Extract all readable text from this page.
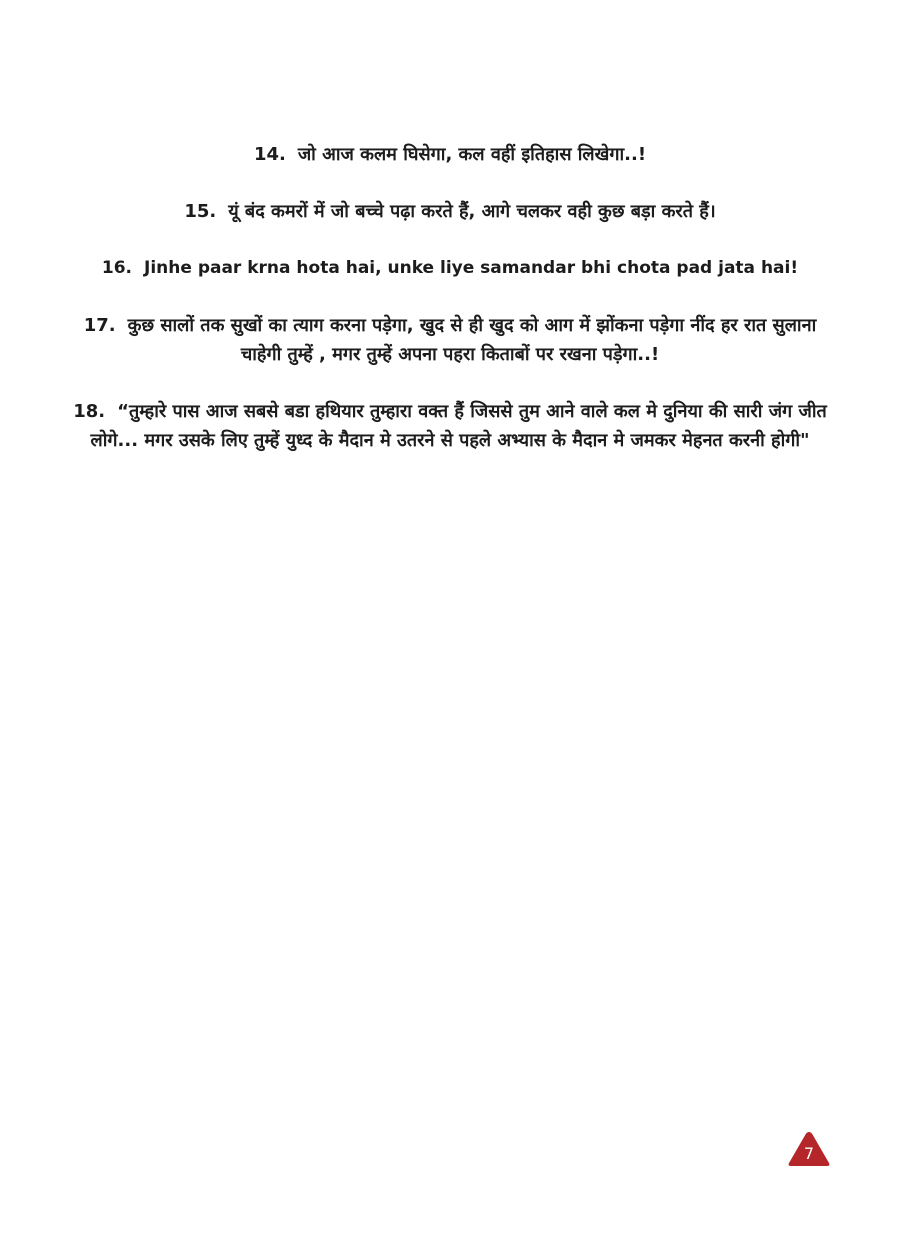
14. जो आज कलम घिसेगा, कल वहीं इतिहास लिखेगा..!
15. यूं बंद कमरों में जो बच्चे पढ़ा करते हैं, आगे चलकर वही कुछ बड़ा करते हैं।
16. Jinhe paar krna hota hai, unke liye samandar bhi chota pad jata hai!
17. कुछ सालों तक सुखों का त्याग करना पड़ेगा, खुद से ही खुद को आग में झोंकना पड़ेगा नींद हर रात सुलाना चाहेगी तुम्हें , मगर तुम्हें अपना पहरा किताबों पर रखना पड़ेगा..!
18. “तुम्हारे पास आज सबसे बडा हथियार तुम्हारा वक्त हैं जिससे तुम आने वाले कल मे दुनिया की सारी जंग जीत लोगे... मगर उसके लिए तुम्हें युध्द के मैदान मे उतरने से पहले अभ्यास के मैदान मे जमकर मेहनत करनी होगी"
7
